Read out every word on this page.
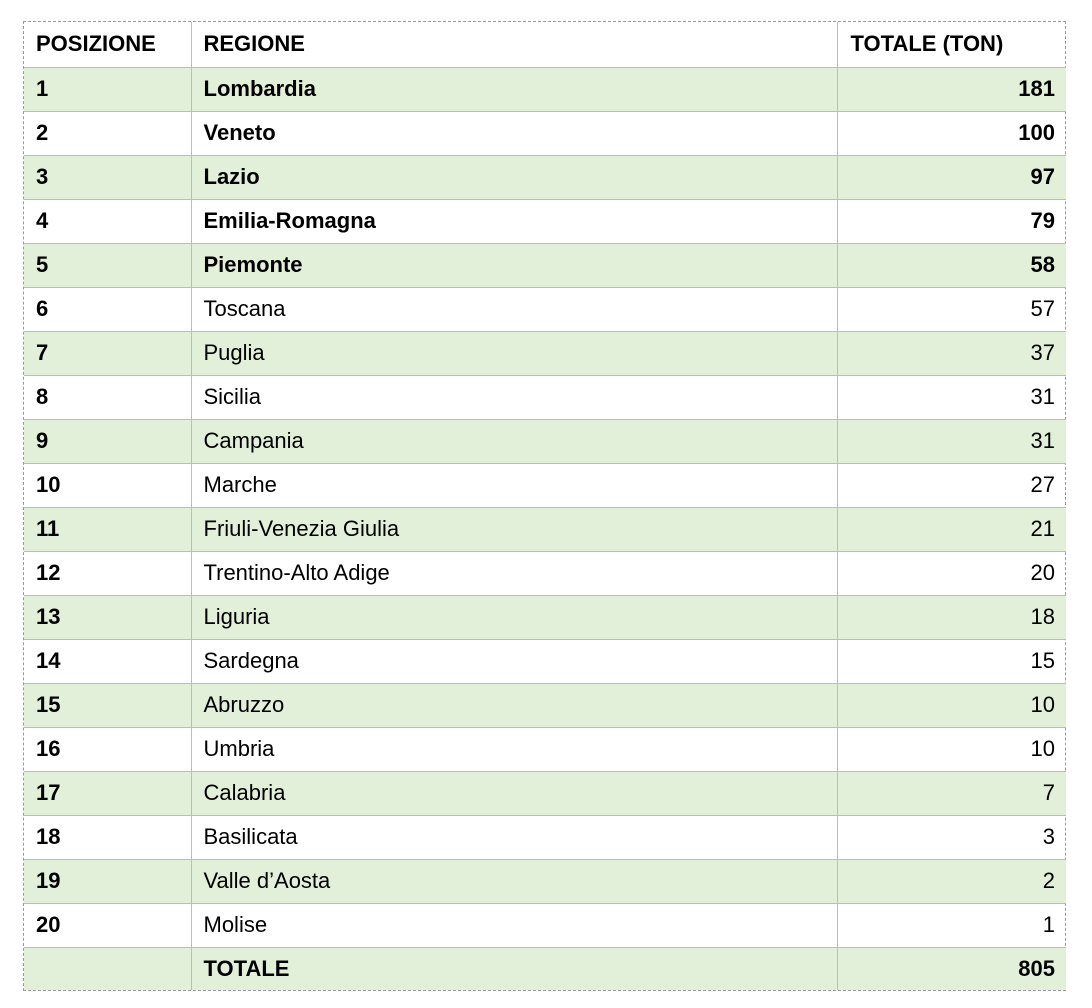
POSIZIONE	REGIONE	TOTALE (TON)
1	Lombardia	181
2	Veneto	100
3	Lazio	97
4	Emilia-Romagna	79
5	Piemonte	58
6	Toscana	57
7	Puglia	37
8	Sicilia	31
9	Campania	31
10	Marche	27
11	Friuli-Venezia Giulia	21
12	Trentino-Alto Adige	20
13	Liguria	18
14	Sardegna	15
15	Abruzzo	10
16	Umbria	10
17	Calabria	7
18	Basilicata	3
19	Valle d’Aosta	2
20	Molise	1
	TOTALE	805
